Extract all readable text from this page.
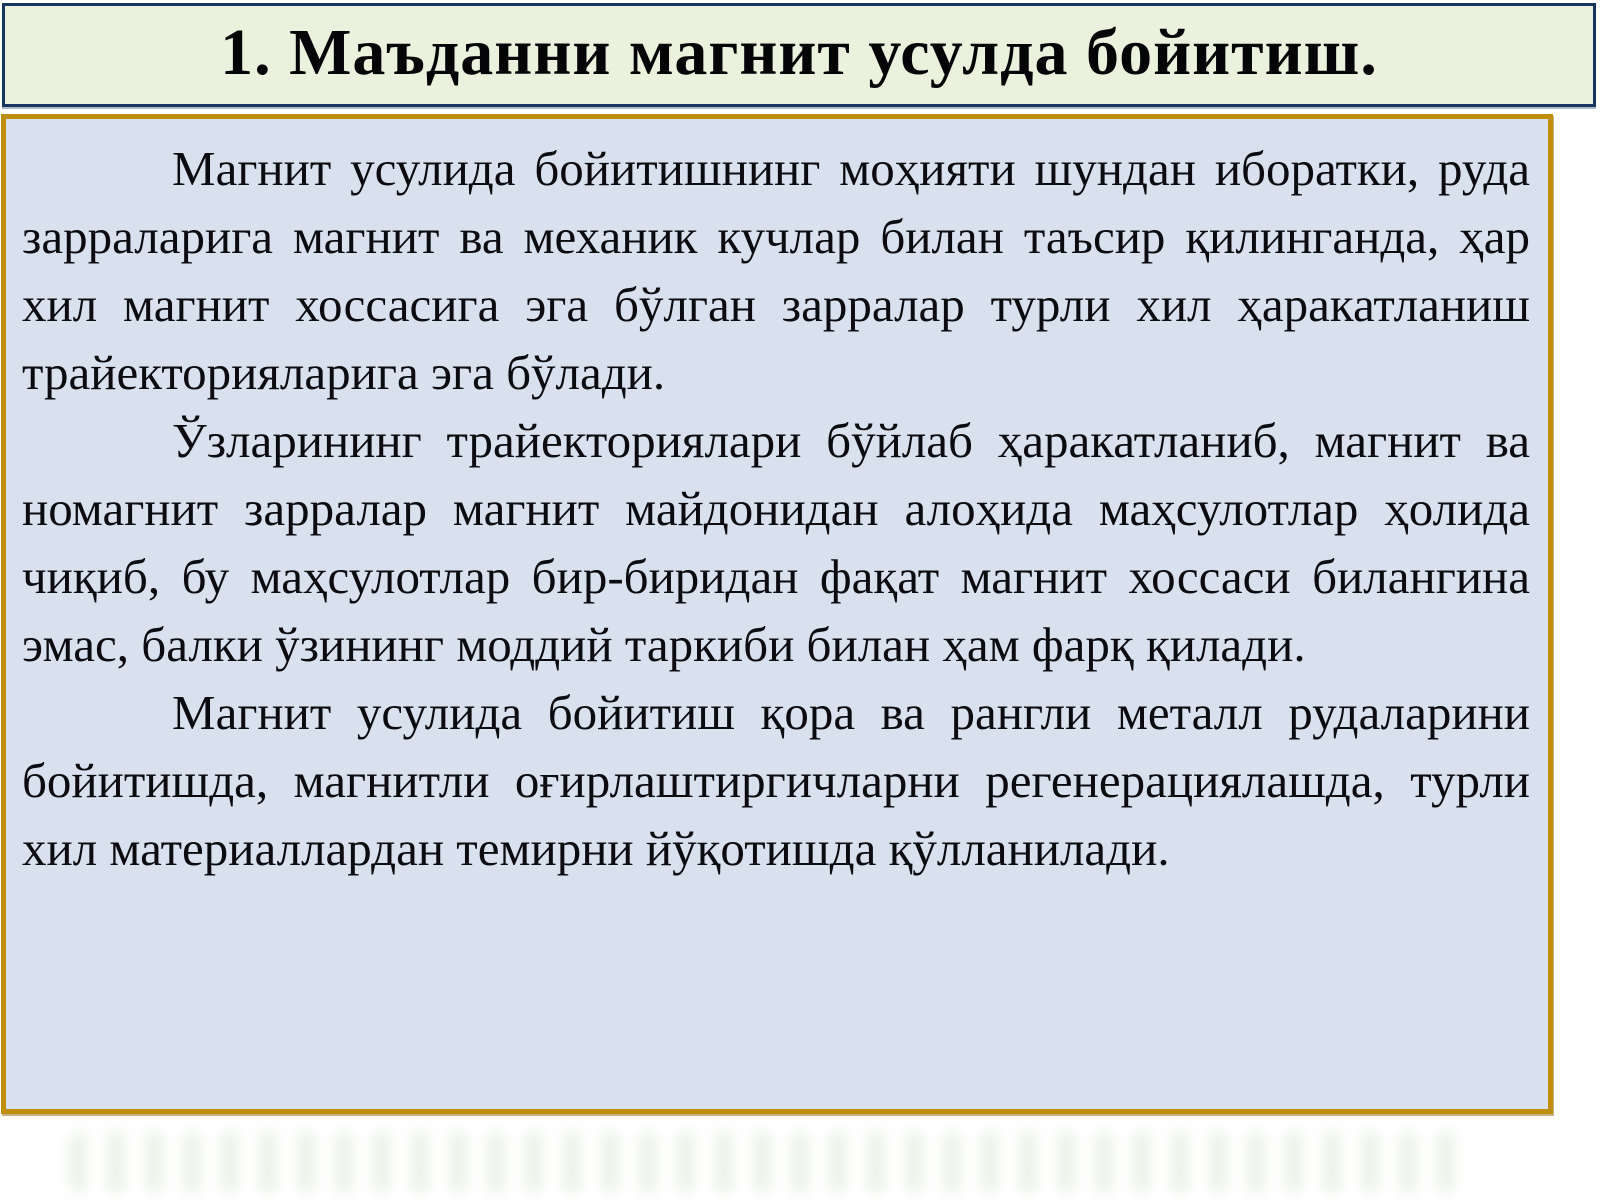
1. Маъданни магнит усулда бойитиш.

Магнит усулида бойитишнинг моҳияти шундан иборатки, руда зарраларига магнит ва механик кучлар билан таъсир қилинганда, ҳар хил магнит хоссасига эга бўлган зарралар турли хил ҳаракатланиш трайекторияларига эга бўлади.

Ўзларининг трайекториялари бўйлаб ҳаракатланиб, магнит ва номагнит зарралар магнит майдонидан алоҳида маҳсулотлар ҳолида чиқиб, бу маҳсулотлар бир-биридан фақат магнит хоссаси билангина эмас, балки ўзининг моддий таркиби билан ҳам фарқ қилади.

Магнит усулида бойитиш қора ва рангли металл рудаларини бойитишда, магнитли оғирлаштиргичларни регенерациялашда, турли хил материаллардан темирни йўқотишда қўлланилади.
